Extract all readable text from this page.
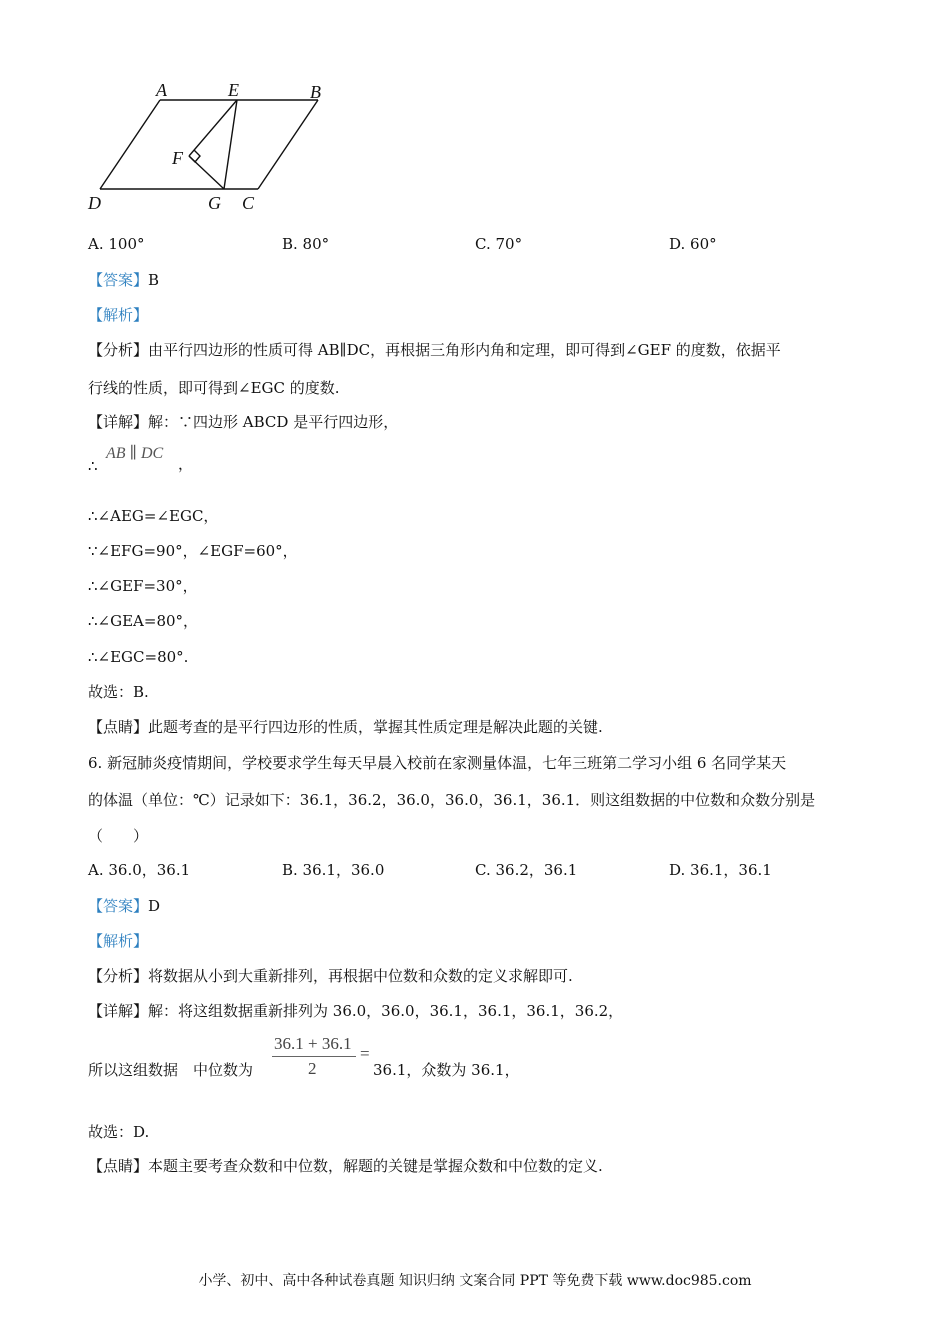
A	E	B
F
D	G C
A. 100°	B. 80°	C. 70°	D. 60°
【答案】B
【解析】
【分析】由平行四边形的性质可得 AB∥DC，再根据三角形内角和定理，即可得到∠GEF 的度数，依据平
行线的性质，即可得到∠EGC 的度数.
【详解】解：∵四边形 ABCD 是平行四边形，
∴
AB ∥ DC
，
∴∠AEG=∠EGC，
∵∠EFG=90°，∠EGF=60°，
∴∠GEF=30°，
∴∠GEA=80°，
∴∠EGC=80°.
故选：B.
【点睛】此题考查的是平行四边形的性质，掌握其性质定理是解决此题的关键.
6. 新冠肺炎疫情期间，学校要求学生每天早晨入校前在家测量体温，七年三班第二学习小组 6 名同学某天
的体温（单位：℃）记录如下：36.1，36.2，36.0，36.0，36.1，36.1．则这组数据的中位数和众数分别是
（　　）
A. 36.0，36.1	B. 36.1，36.0	C. 36.2，36.1	D. 36.1，36.1
【答案】D
【解析】
【分析】将数据从小到大重新排列，再根据中位数和众数的定义求解即可.
【详解】解：将这组数据重新排列为 36.0，36.0，36.1，36.1，36.1，36.2，
所以这组数据　中位数为
36.1 + 36.1
2
=
36.1，众数为 36.1，
故选：D.
【点睛】本题主要考查众数和中位数，解题的关键是掌握众数和中位数的定义.
小学、初中、高中各种试卷真题 知识归纳 文案合同 PPT 等免费下载 www.doc985.com
